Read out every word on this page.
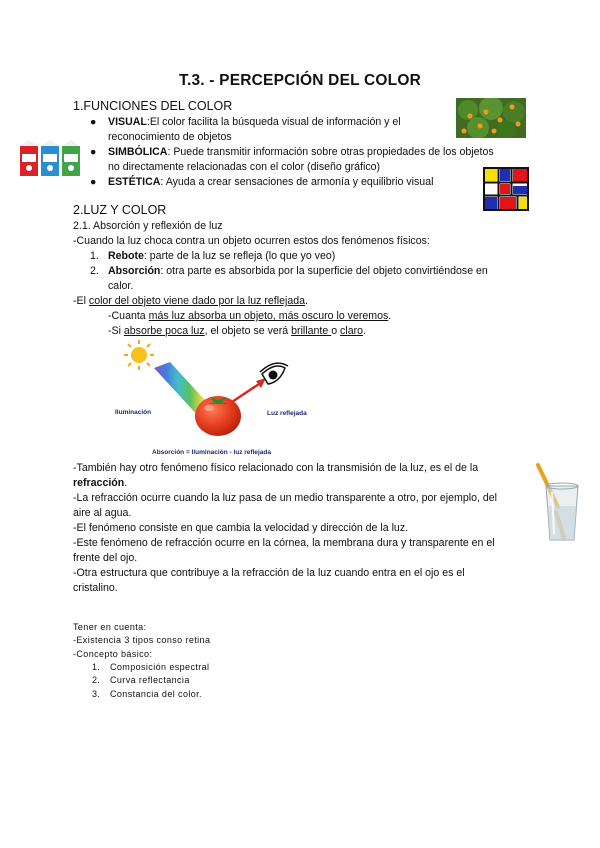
T.3. - PERCEPCIÓN DEL COLOR
1.FUNCIONES DEL COLOR
● VISUAL:El color facilita la búsqueda visual de información y el
reconocimiento de objetos
● SIMBÓLICA: Puede transmitir información sobre otras propiedades de los objetos
no directamente relacionadas con el color (diseño gráfico)
● ESTÉTICA: Ayuda a crear sensaciones de armonía y equilibrio visual
2.LUZ Y COLOR
2.1. Absorción y reflexión de luz
-Cuando la luz choca contra un objeto ocurren estos dos fenómenos físicos:
1. Rebote: parte de la luz se refleja (lo que yo veo)
2. Absorción: otra parte es absorbida por la superficie del objeto convirtiéndose en
calor.
-El color del objeto viene dado por la luz reflejada.
-Cuanta más luz absorba un objeto, más oscuro lo veremos.
-Si absorbe poca luz, el objeto se verá brillante o claro.
Iluminación	Luz reflejada
Absorción = Iluminación - luz reflejada
-También hay otro fenómeno físico relacionado con la transmisión de la luz, es el de la
refracción.
-La refracción ocurre cuando la luz pasa de un medio transparente a otro, por ejemplo, del
aire al agua.
-El fenómeno consiste en que cambia la velocidad y dirección de la luz.
-Este fenómeno de refracción ocurre en la córnea, la membrana dura y transparente en el
frente del ojo.
-Otra estructura que contribuye a la refracción de la luz cuando entra en el ojo es el
cristalino.
Tener en cuenta:
-Existencia 3 tipos conso retina
-Concepto básico:
1. Composición espectral
2. Curva reflectancia
3. Constancia del color.
